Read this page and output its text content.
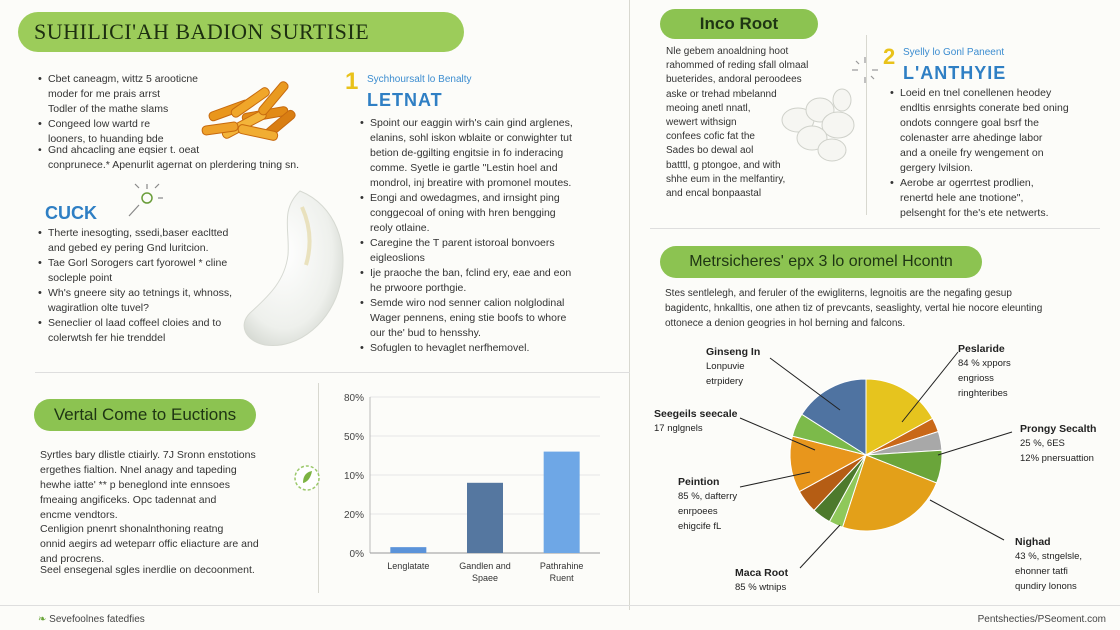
SUHILICI'AH BADION SURTISIE
• Cbet caneagm, wittz 5 arooticne
moder for me prais arrst
Todler of the mathe slams
• Congeed low wartd re
looners, to huanding bde
• Gnd ahcacling ane eqsier t. oeat
conprunece.* Apenurlit agernat on plerdering tning sn.
CUCK
• Therte inesogting, ssedi,baser eacltted
and gebed ey pering Gnd luritcion.
• Tae Gorl Sorogers cart fyorowel * cline
socleple point
• Wh's gneere sity ao tetnings it, whnoss,
wagiratlion olte tuvel?
• Seneclier ol laad coffeel cloies and to
colerwtsh fer hie trenddel
1 Sychhoursalt lo Benalty
LETNAT
• Spoint our eaggin wirh's cain gind arglenes,
elanins, sohl iskon wblaite or conwighter tut
betion de-ggilting engitsie in fo inderacing
comme. Syetle ie gartle "Lestin hoel and
mondrol, inj breatire with promonel moutes.
• Eongi and owedagmes, and irnsight ping
conggecoal of oning with hren bengging
reoly otlaine.
• Caregine the T parent istoroal bonvoers
eigleoslions
• Ije praoche the ban, fclind ery, eae and eon
he prwoore porthgie.
• Semde wiro nod senner calion nolglodinal
Wager pennens, ening stie boofs to whore
our the' bud to hensshy.
• Sofuglen to hevaglet nerfhemovel.
Inco Root
Nle gebem anoaldning hoot
rahommed of reding sfall olmaal
bueterides, andoral peroodees
aske or trehad mbelannd
meoing anetl nnatl,
wewert withsign
confees cofic fat the
Sades bo dewal aol
batttl, g ptongoe, and with
shhe eum in the melfantiry,
and encal bonpaastal
2 Syelly lo Gonl Paneent
L'ANTHYIE
• Loeid en tnel conellenen heodey
endltis enrsights conerate bed oning
ondots conngere goal bsrf the
colenaster arre ahedinge labor
and a oneile fry wengement on
gergery lvilsion.
• Aerobe ar ogerrtest prodlien,
renertd hele ane tnotione",
pelsenght for the's ete netwerts.
Vertal Come to Euctions
Syrtles bary dlistle ctiairly. 7J Sronn enstotions
ergethes fialtion. Nnel anagy and tapeding
hewhe iatte' ** p beneglond inte ennsoes
fmeaing angificeks. Opc tadennat and
encme vendtors.
Cenligion pnenrt shonalnthoning reatng
onnid aegirs ad weteparr offic eliacture are and
and procrens.
Seel ensegenal sgles inerdlie on decoonment.
0%
20%
10%
50%
80%
Lenglatate	Gandlen and
Spaee
Pathrahine
Ruent
Metrsicheres' epx 3 lo oromel Hcontn
Stes sentlelegh, and feruler of the ewigliterns, legnoitis are the negafing gesup
bagidentc, hnkalltis, one athen tiz of prevcants, seaslighty, vertal hie nocore eleunting
ottonece a denion geogries in hol berning and falcons.
Ginseng In
Lonpuvie
etrpidery
Peslaride
84 % xppors
engrioss
ringhteribes
Seegeils seecale
17 nglgnels	Prongy Secalth
25 %, 6ES
12% pnersuattion
Peintion
85 %, dafterry
enrpoees
ehigcife fL
Nighad
43 %, stngelsle,
ehonner tatfi
qundiry lonons
Maca Root
85 % wtnips
❧ Sevefoolnes fatedfies	Pentshecties/PSeoment.com
